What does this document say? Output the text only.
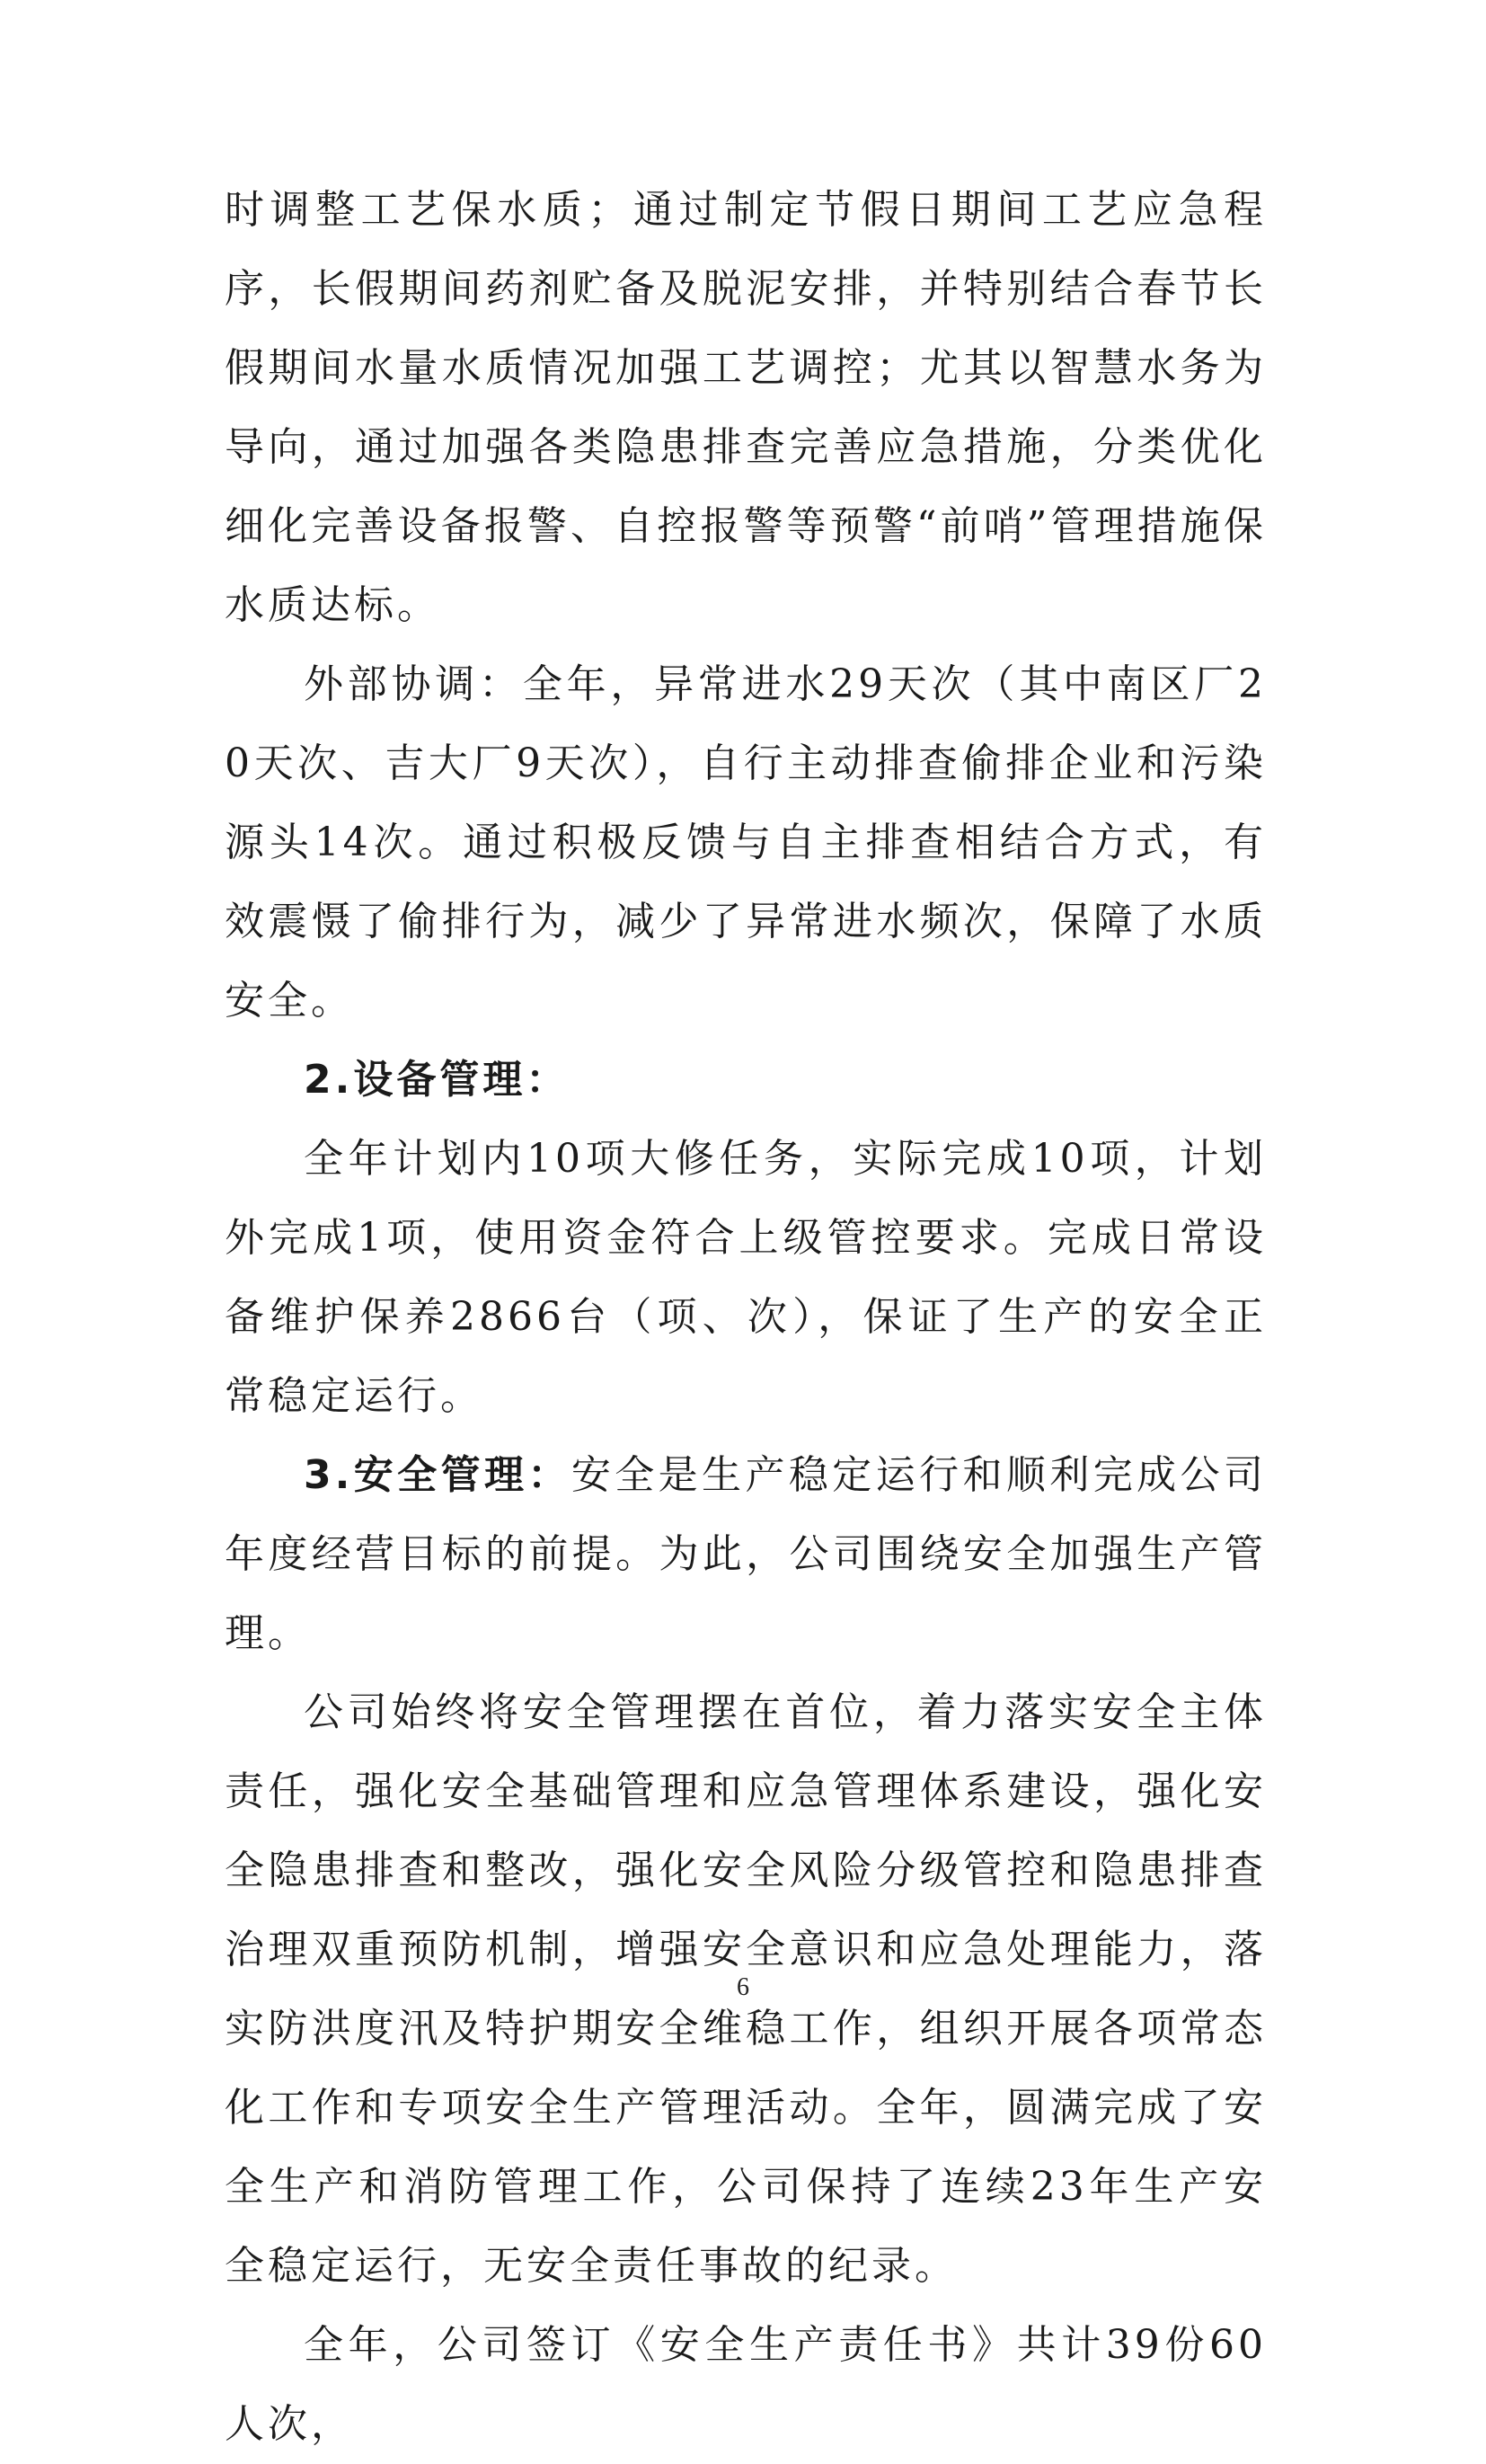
时调整工艺保水质；通过制定节假日期间工艺应急程序，长假期间药剂贮备及脱泥安排，并特别结合春节长假期间水量水质情况加强工艺调控；尤其以智慧水务为导向，通过加强各类隐患排查完善应急措施，分类优化细化完善设备报警、自控报警等预警“前哨”管理措施保水质达标。

外部协调：全年，异常进水29天次（其中南区厂20天次、吉大厂9天次），自行主动排查偷排企业和污染源头14次。通过积极反馈与自主排查相结合方式，有效震慑了偷排行为，减少了异常进水频次，保障了水质安全。

2.设备管理：

全年计划内10项大修任务，实际完成10项，计划外完成1项，使用资金符合上级管控要求。完成日常设备维护保养2866台（项、次），保证了生产的安全正常稳定运行。

3.安全管理：安全是生产稳定运行和顺利完成公司年度经营目标的前提。为此，公司围绕安全加强生产管理。

公司始终将安全管理摆在首位，着力落实安全主体责任，强化安全基础管理和应急管理体系建设，强化安全隐患排查和整改，强化安全风险分级管控和隐患排查治理双重预防机制，增强安全意识和应急处理能力，落实防洪度汛及特护期安全维稳工作，组织开展各项常态化工作和专项安全生产管理活动。全年，圆满完成了安全生产和消防管理工作，公司保持了连续23年生产安全稳定运行，无安全责任事故的纪录。

全年，公司签订《安全生产责任书》共计39份60人次，

6
